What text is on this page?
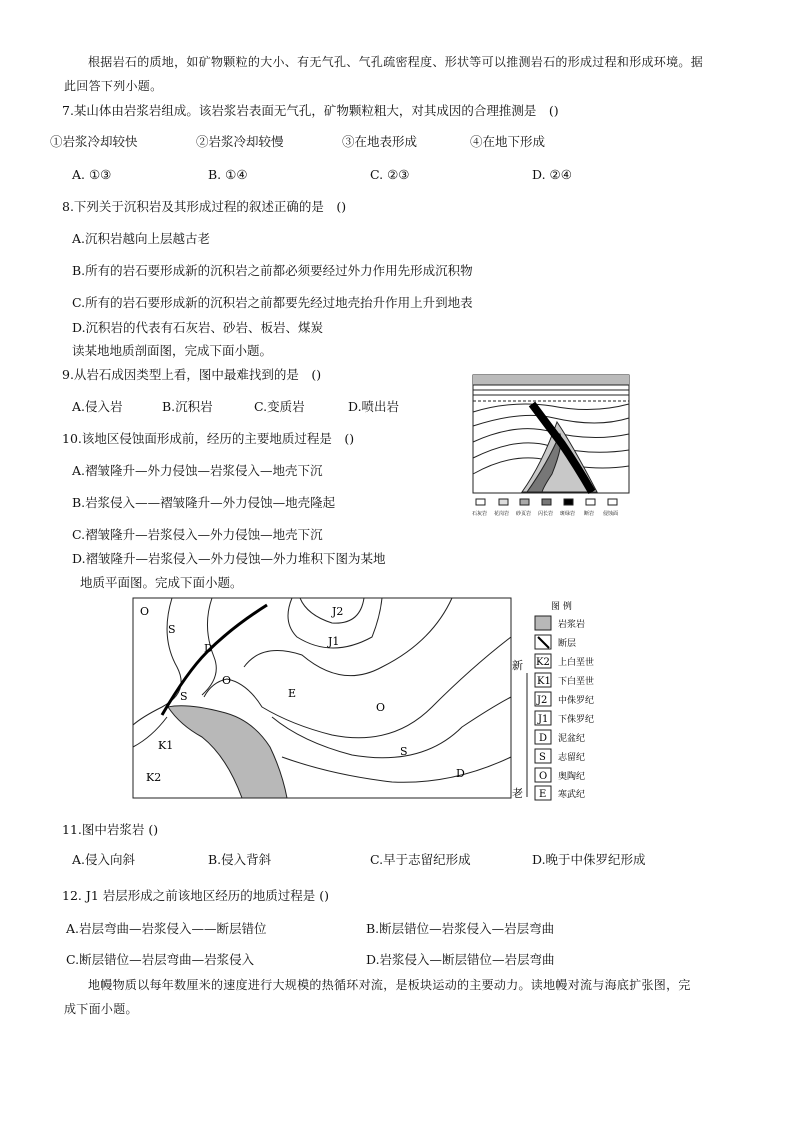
根据岩石的质地，如矿物颗粒的大小、有无气孔、气孔疏密程度、形状等可以推测岩石的形成过程和形成环境。据
此回答下列小题。
7.某山体由岩浆岩组成。该岩浆岩表面无气孔，矿物颗粒粗大，对其成因的合理推测是　()
①岩浆冷却较快	②岩浆冷却较慢	③在地表形成	④在地下形成
A. ①③	B. ①④	C. ②③	D. ②④
8.下列关于沉积岩及其形成过程的叙述正确的是　()
A.沉积岩越向上层越古老
B.所有的岩石要形成新的沉积岩之前都必须要经过外力作用先形成沉积物
C.所有的岩石要形成新的沉积岩之前都要先经过地壳抬升作用上升到地表
D.沉积岩的代表有石灰岩、砂岩、板岩、煤炭
读某地地质剖面图，完成下面小题。
9.从岩石成因类型上看，图中最难找到的是　()
A.侵入岩	B.沉积岩	C.变质岩	D.喷出岩
10.该地区侵蚀面形成前，经历的主要地质过程是　()
A.褶皱隆升—外力侵蚀—岩浆侵入—地壳下沉
B.岩浆侵入——褶皱隆升—外力侵蚀—地壳隆起
C.褶皱隆升—岩浆侵入—外力侵蚀—地壳下沉
D.褶皱隆升—岩浆侵入—外力侵蚀—外力堆积下图为某地
地质平面图。完成下面小题。
石灰岩 花岗岩 砂页岩 闪长岩 斑绿岩 断岩 侵蚀面
O
S
D
J2
J1
O
S	E
O
S
D
K1
K2
图 例
新
老
岩浆岩
断层
K2 上白垩世
K1 下白垩世
J2 中侏罗纪
J1 下侏罗纪
D 泥盆纪
S 志留纪
O 奥陶纪
E 寒武纪
11.图中岩浆岩 ()
A.侵入向斜	B.侵入背斜	C.早于志留纪形成	D.晚于中侏罗纪形成
12. J1 岩层形成之前该地区经历的地质过程是 ()
A.岩层弯曲—岩浆侵入——断层错位	B.断层错位—岩浆侵入—岩层弯曲
C.断层错位—岩层弯曲—岩浆侵入	D.岩浆侵入—断层错位—岩层弯曲
地幔物质以每年数厘米的速度进行大规模的热循环对流，是板块运动的主要动力。读地幔对流与海底扩张图，完
成下面小题。
